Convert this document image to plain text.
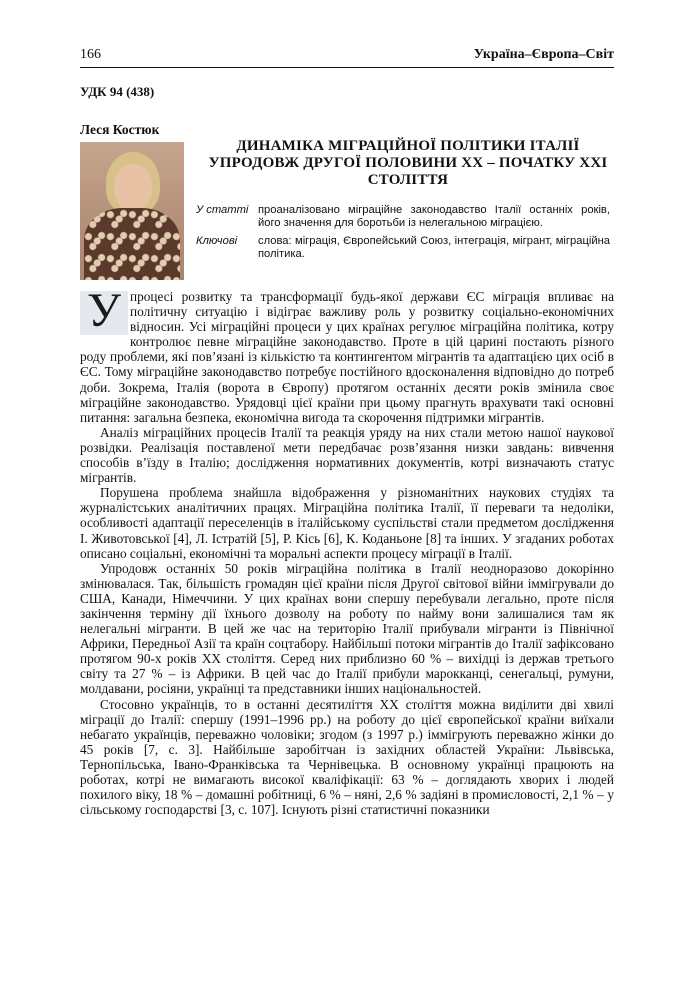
166	Україна–Європа–Світ
УДК 94 (438)
Леся Костюк
ДИНАМІКА МІГРАЦІЙНОЇ ПОЛІТИКИ ІТАЛІЇ
УПРОДОВЖ ДРУГОЇ ПОЛОВИНИ ХХ – ПОЧАТКУ ХХІ
СТОЛІТТЯ
У статті проаналізовано міграційне законодавство Італії останніх років, його значення для боротьби із нелегальною міграцією.
Ключові	слова: міграція, Європейський Союз, інтеграція, мігрант, міграційна політика.

У процесі розвитку та трансформації будь-якої держави ЄС міграція впливає на політичну ситуацію і відіграє важливу роль у розвитку соціально-економічних відносин. Усі міграційні процеси у цих країнах регулює міграційна політика, котру контролює певне міграційне законодавство. Проте в цій царині постають різного роду проблеми, які пов’язані із кількістю та контингентом мігрантів та адаптацією цих осіб в ЄС. Тому міграційне законодавство потребує постійного вдосконалення відповідно до потреб доби. Зокрема, Італія (ворота в Європу) протягом останніх десяти років змінила своє міграційне законодавство. Урядовці цієї країни при цьому прагнуть врахувати такі основні питання: загальна безпека, економічна вигода та скорочення підтримки мігрантів.

Аналіз міграційних процесів Італії та реакція уряду на них стали метою нашої наукової розвідки. Реалізація поставленої мети передбачає розв’язання низки завдань: вивчення способів в’їзду в Італію; дослідження нормативних документів, котрі визначають статус мігрантів.

Порушена проблема знайшла відображення у різноманітних наукових студіях та журналістських аналітичних працях. Міграційна політика Італії, її переваги та недоліки, особливості адаптації переселенців в італійському суспільстві стали предметом дослідження І. Животовської [4], Л. Істратій [5], Р. Кісь [6], К. Коданьоне [8] та інших. У згаданих роботах описано соціальні, економічні та моральні аспекти процесу міграції в Італії.

Упродовж останніх 50 років міграційна політика в Італії неодноразово докорінно змінювалася. Так, більшість громадян цієї країни після Другої світової війни іммігрували до США, Канади, Німеччини. У цих країнах вони спершу перебували легально, проте після закінчення терміну дії їхнього дозволу на роботу по найму вони залишалися там як нелегальні мігранти. В цей же час на територію Італії прибували мігранти із Північної Африки, Передньої Азії та країн соцтабору. Найбільші потоки мігрантів до Італії зафіксовано протягом 90-х років ХХ століття. Серед них приблизно 60 % – вихідці із держав третього світу та 27 % – із Африки. В цей час до Італії прибули марокканці, сенегальці, румуни, молдавани, росіяни, українці та представники інших національностей.

Стосовно українців, то в останні десятиліття ХХ століття можна виділити дві хвилі міграції до Італії: спершу (1991–1996 рр.) на роботу до цієї європейської країни виїхали небагато українців, переважно чоловіки; згодом (з 1997 р.) іммігрують переважно жінки до 45 років [7, с. 3]. Найбільше заробітчан із західних областей України: Львівська, Тернопільська, Івано-Франківська та Чернівецька. В основному українці працюють на роботах, котрі не вимагають високої кваліфікації: 63 % – доглядають хворих і людей похилого віку, 18 % – домашні робітниці, 6 % – няні, 2,6 % задіяні в промисловості, 2,1 % – у сільському господарстві [3, с. 107]. Існують різні статистичні показники
